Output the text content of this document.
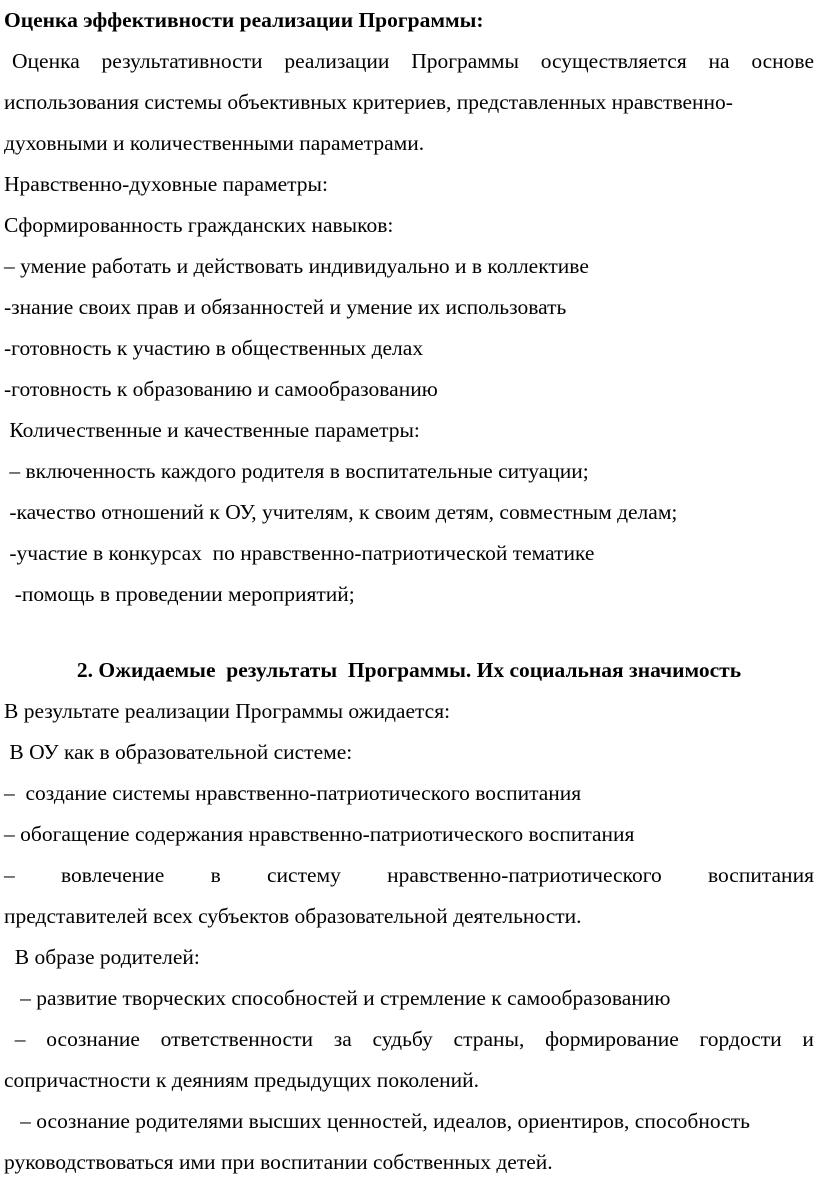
Оценка эффективности реализации Программы:
Оценка результативности реализации Программы осуществляется на основе
использования системы объективных критериев, представленных нравственно-
духовными и количественными параметрами.
Нравственно-духовные параметры:
Сформированность гражданских навыков:
– умение работать и действовать индивидуально и в коллективе
-знание своих прав и обязанностей и умение их использовать
-готовность к участию в общественных делах
-готовность к образованию и самообразованию
Количественные и качественные параметры:
– включенность каждого родителя в воспитательные ситуации;
-качество отношений к ОУ, учителям, к своим детям, совместным делам;
-участие в конкурсах  по нравственно-патриотической тематике
-помощь в проведении мероприятий;
2. Ожидаемые  результаты  Программы. Их социальная значимость
В результате реализации Программы ожидается:
В ОУ как в образовательной системе:
–  создание системы нравственно-патриотического воспитания
– обогащение содержания нравственно-патриотического воспитания
– вовлечение в систему нравственно-патриотического воспитания
представителей всех субъектов образовательной деятельности.
В образе родителей:
– развитие творческих способностей и стремление к самообразованию
– осознание ответственности за судьбу страны, формирование гордости и
сопричастности к деяниям предыдущих поколений.
– осознание родителями высших ценностей, идеалов, ориентиров, способность
руководствоваться ими при воспитании собственных детей.
